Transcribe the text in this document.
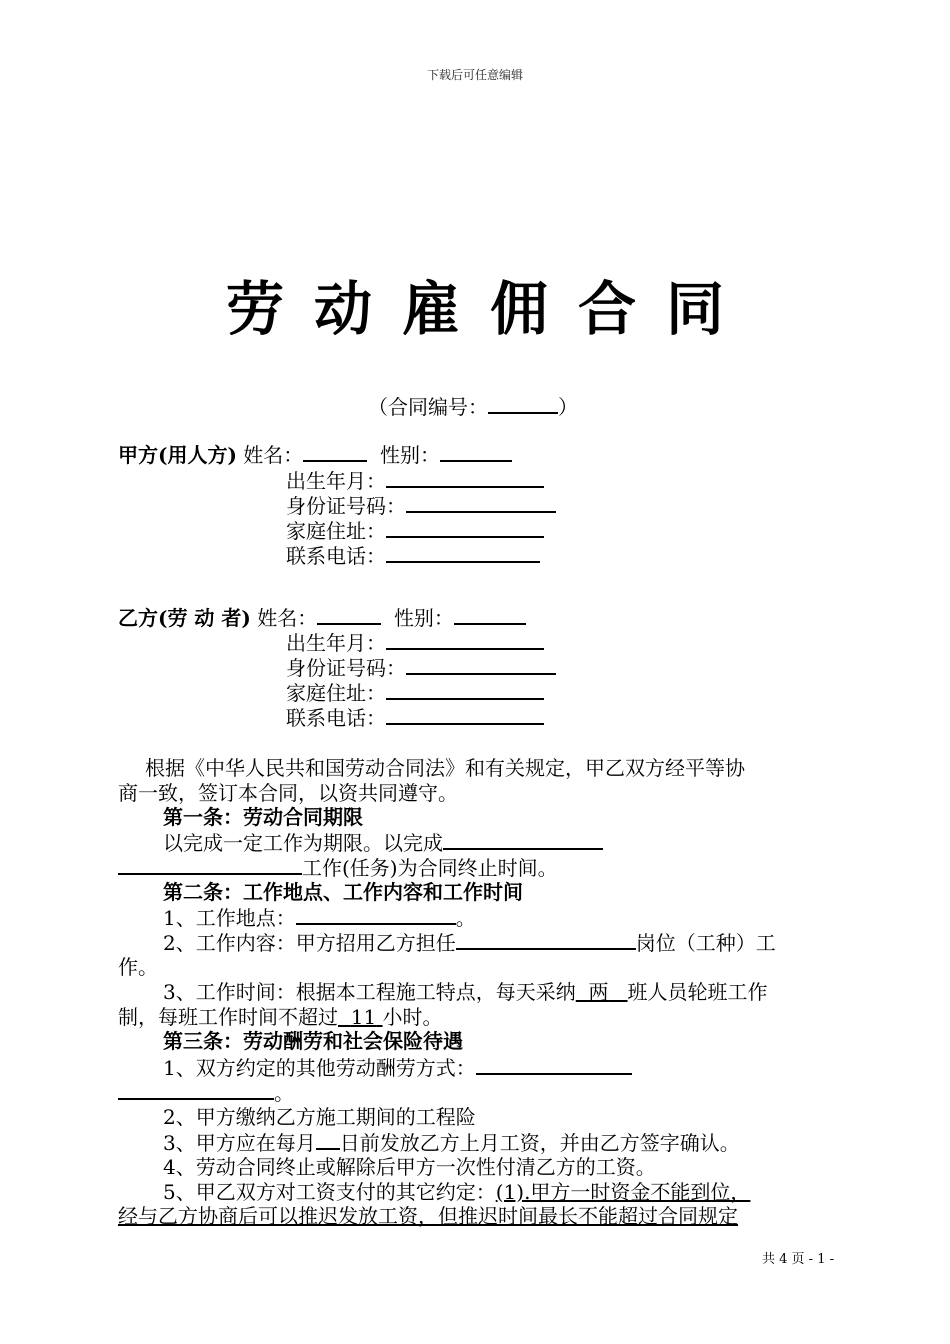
下载后可任意编辑
劳动雇佣合同
（合同编号：	）
甲方(用人方) 姓名：	性别：
出生年月：
身份证号码：
家庭住址：
联系电话：
乙方(劳 动 者) 姓名：	性别：
出生年月：
身份证号码：
家庭住址：
联系电话：
根据《中华人民共和国劳动合同法》和有关规定，甲乙双方经平等协
商一致，签订本合同，以资共同遵守。
第一条：劳动合同期限
以完成一定工作为期限。以完成
工作(任务)为合同终止时间。
第二条：工作地点、工作内容和工作时间
1、工作地点：	。
2、工作内容：甲方招用乙方担任	岗位（工种）工
作。
3、工作时间：根据本工程施工特点，每天采纳 两 班人员轮班工作
制，每班工作时间不超过 11 小时。
第三条：劳动酬劳和社会保险待遇
1、双方约定的其他劳动酬劳方式：
。
2、甲方缴纳乙方施工期间的工程险
3、甲方应在每月 日前发放乙方上月工资，并由乙方签字确认。
4、劳动合同终止或解除后甲方一次性付清乙方的工资。
5、甲乙双方对工资支付的其它约定：(1).甲方一时资金不能到位，
经与乙方协商后可以推迟发放工资，但推迟时间最长不能超过合同规定
共 4 页 - 1 -
